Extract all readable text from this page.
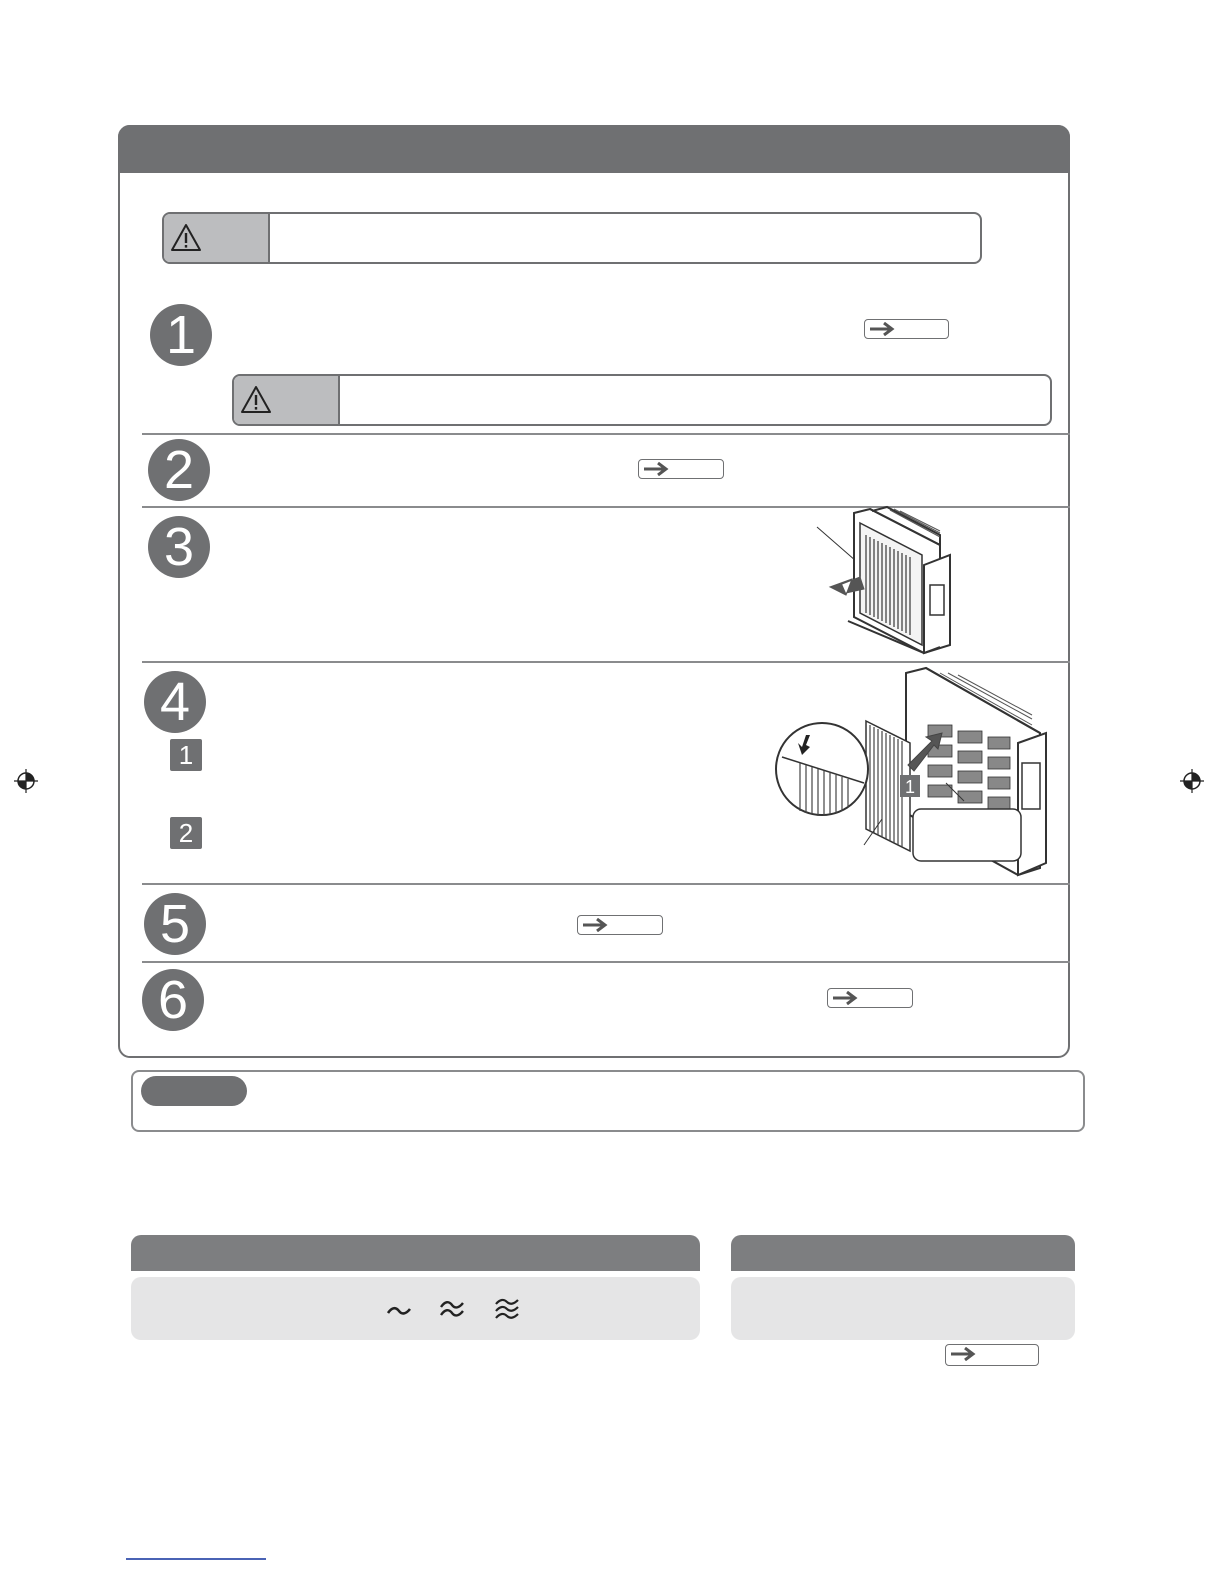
1
2
3
4
1
2
1
5
6
